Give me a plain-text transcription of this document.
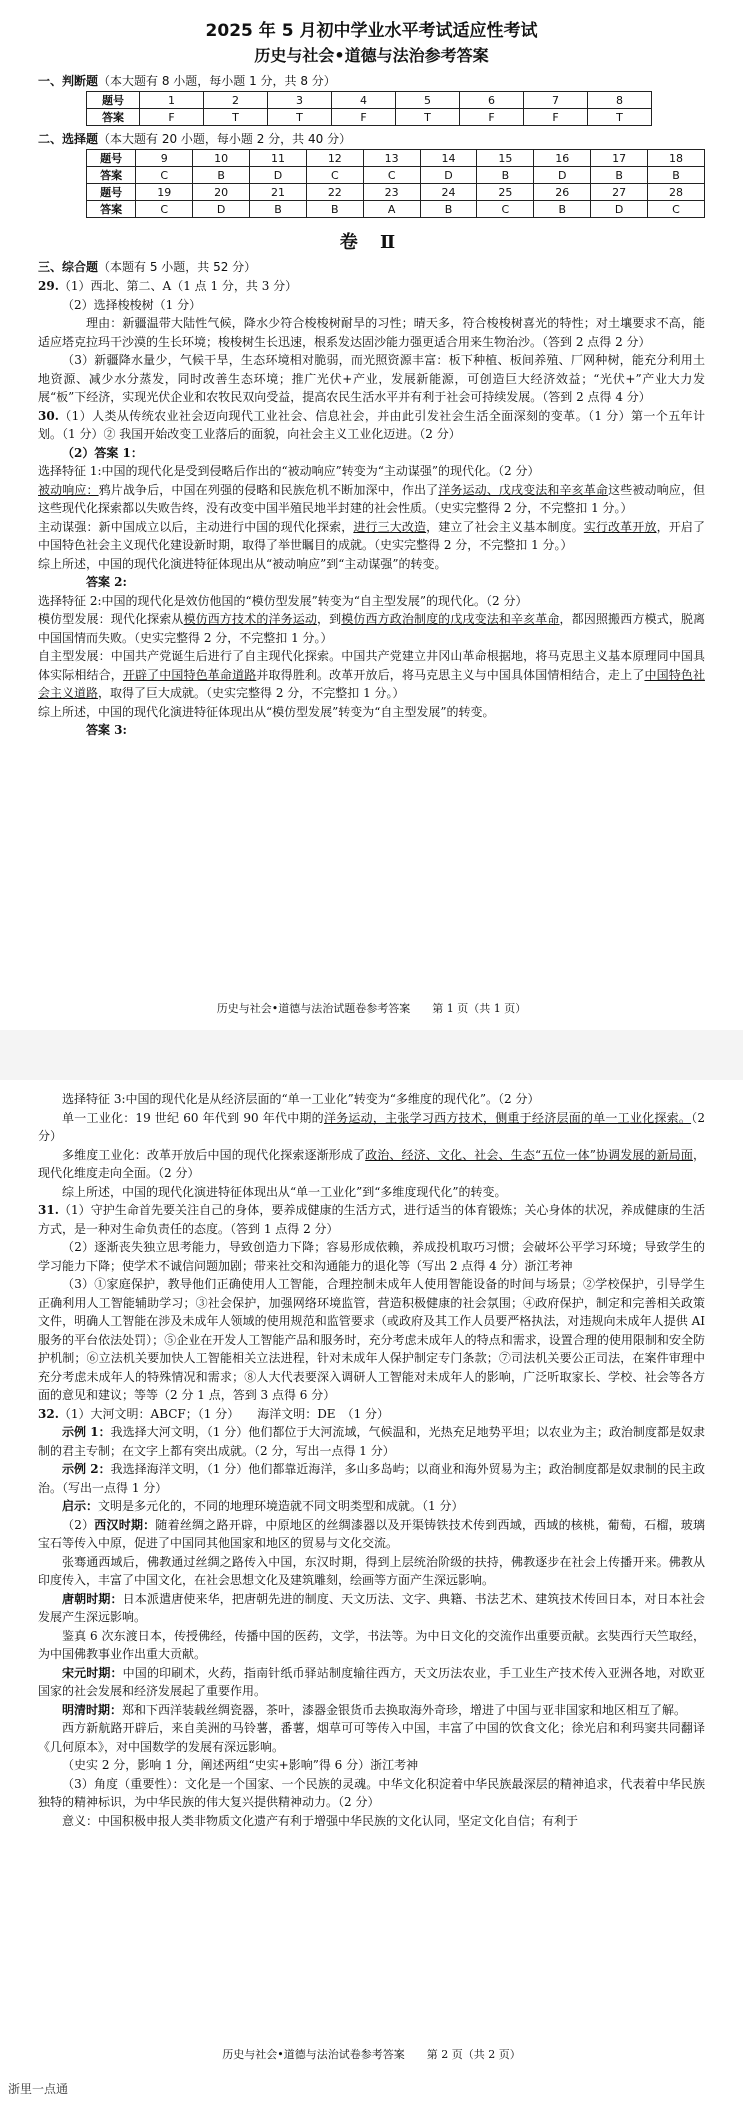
2025 年 5 月初中学业水平考试适应性考试
历史与社会•道德与法治参考答案
一、判断题（本大题有 8 小题，每小题 1 分，共 8 分）
题号	1	2	3	4	5	6	7	8
答案	F	T	T	F	T	F	F	T
二、选择题（本大题有 20 小题，每小题 2 分，共 40 分）
题号	9	10	11	12	13	14	15	16	17	18
答案	C	B	D	C	C	D	B	D	B	B
题号	19	20	21	22	23	24	25	26	27	28
答案	C	D	B	B	A	B	C	B	D	C
卷 Ⅱ
三、综合题（本题有 5 小题，共 52 分）

29.（1）西北、第二、A（1 点 1 分，共 3 分）

（2）选择梭梭树（1 分）

理由：新疆温带大陆性气候，降水少符合梭梭树耐旱的习性；晴天多，符合梭梭树喜光的特性；对土壤要求不高，能适应塔克拉玛干沙漠的生长环境；梭梭树生长迅速，根系发达固沙能力强更适合用来生物治沙。（答到 2 点得 2 分）

（3）新疆降水量少，气候干旱，生态环境相对脆弱，而光照资源丰富：板下种植、板间养殖、厂网种树，能充分利用土地资源、减少水分蒸发，同时改善生态环境；推广光伏+产业，发展新能源，可创造巨大经济效益；“光伏+”产业大力发展“板”下经济，实现光伏企业和农牧民双向受益，提高农民生活水平并有利于社会可持续发展。（答到 2 点得 4 分）

30.（1）人类从传统农业社会迈向现代工业社会、信息社会，并由此引发社会生活全面深刻的变革。（1 分）第一个五年计划。（1 分）② 我国开始改变工业落后的面貌，向社会主义工业化迈进。（2 分）

（2）答案 1：

选择特征 1:中国的现代化是受到侵略后作出的“被动响应”转变为“主动谋强”的现代化。（2 分）

被动响应：鸦片战争后，中国在列强的侵略和民族危机不断加深中，作出了洋务运动、戊戌变法和辛亥革命这些被动响应，但这些现代化探索都以失败告终，没有改变中国半殖民地半封建的社会性质。（史实完整得 2 分，不完整扣 1 分。）

主动谋强：新中国成立以后，主动进行中国的现代化探索，进行三大改造，建立了社会主义基本制度。实行改革开放，开启了中国特色社会主义现代化建设新时期，取得了举世瞩目的成就。（史实完整得 2 分，不完整扣 1 分。）

综上所述，中国的现代化演进特征体现出从“被动响应”到“主动谋强”的转变。

答案 2:

选择特征 2:中国的现代化是效仿他国的“模仿型发展”转变为“自主型发展”的现代化。（2 分）

模仿型发展：现代化探索从模仿西方技术的洋务运动，到模仿西方政治制度的戊戌变法和辛亥革命，都因照搬西方模式，脱离中国国情而失败。（史实完整得 2 分，不完整扣 1 分。）

自主型发展：中国共产党诞生后进行了自主现代化探索。中国共产党建立井冈山革命根据地，将马克思主义基本原理同中国具体实际相结合，开辟了中国特色革命道路并取得胜利。改革开放后，将马克思主义与中国具体国情相结合，走上了中国特色社会主义道路，取得了巨大成就。（史实完整得 2 分，不完整扣 1 分。）

综上所述，中国的现代化演进特征体现出从“模仿型发展”转变为“自主型发展”的转变。

答案 3:

历史与社会•道德与法治试题卷参考答案　　第 1 页（共 1 页）

选择特征 3:中国的现代化是从经济层面的“单一工业化”转变为“多维度的现代化”。（2 分）

单一工业化：19 世纪 60 年代到 90 年代中期的洋务运动，主张学习西方技术，侧重于经济层面的单一工业化探索。（2 分）

多维度工业化：改革开放后中国的现代化探索逐渐形成了政治、经济、文化、社会、生态“五位一体”协调发展的新局面，现代化维度走向全面。（2 分）

综上所述，中国的现代化演进特征体现出从“单一工业化”到“多维度现代化”的转变。

31.（1）守护生命首先要关注自己的身体，要养成健康的生活方式，进行适当的体育锻炼；关心身体的状况，养成健康的生活方式，是一种对生命负责任的态度。（答到 1 点得 2 分）

（2）逐渐丧失独立思考能力，导致创造力下降；容易形成依赖，养成投机取巧习惯；会破坏公平学习环境；导致学生的学习能力下降；使学术不诚信问题加剧；带来社交和沟通能力的退化等（写出 2 点得 4 分）浙江考神

（3）①家庭保护，教导他们正确使用人工智能，合理控制未成年人使用智能设备的时间与场景；②学校保护，引导学生正确利用人工智能辅助学习；③社会保护，加强网络环境监管，营造积极健康的社会氛围；④政府保护，制定和完善相关政策文件，明确人工智能在涉及未成年人领域的使用规范和监管要求（或政府及其工作人员要严格执法，对违规向未成年人提供 AI 服务的平台依法处罚）；⑤企业在开发人工智能产品和服务时，充分考虑未成年人的特点和需求，设置合理的使用限制和安全防护机制；⑥立法机关要加快人工智能相关立法进程，针对未成年人保护制定专门条款；⑦司法机关要公正司法，在案件审理中充分考虑未成年人的特殊情况和需求；⑧人大代表要深入调研人工智能对未成年人的影响，广泛听取家长、学校、社会等各方面的意见和建议；等等（2 分 1 点，答到 3 点得 6 分）

32.（1）大河文明：ABCF；（1 分）　　海洋文明：DE　（1 分）

示例 1：我选择大河文明，（1 分）他们都位于大河流域，气候温和，光热充足地势平坦；以农业为主；政治制度都是奴隶制的君主专制；在文字上都有突出成就。（2 分，写出一点得 1 分）

示例 2：我选择海洋文明，（1 分）他们都靠近海洋，多山多岛屿；以商业和海外贸易为主；政治制度都是奴隶制的民主政治。（写出一点得 1 分）

启示：文明是多元化的，不同的地理环境造就不同文明类型和成就。（1 分）

（2）西汉时期：随着丝绸之路开辟，中原地区的丝绸漆器以及开渠铸铁技术传到西域，西域的核桃，葡萄，石榴，玻璃宝石等传入中原，促进了中国同其他国家和地区的贸易与文化交流。

张骞通西域后，佛教通过丝绸之路传入中国，东汉时期，得到上层统治阶级的扶持，佛教逐步在社会上传播开来。佛教从印度传入，丰富了中国文化，在社会思想文化及建筑雕刻，绘画等方面产生深远影响。

唐朝时期：日本派遣唐使来华，把唐朝先进的制度、天文历法、文字、典籍、书法艺术、建筑技术传回日本，对日本社会发展产生深远影响。

鉴真 6 次东渡日本，传授佛经，传播中国的医药，文学，书法等。为中日文化的交流作出重要贡献。玄奘西行天竺取经，为中国佛教事业作出重大贡献。

宋元时期：中国的印刷术，火药，指南针纸币驿站制度输往西方，天文历法农业，手工业生产技术传入亚洲各地，对欧亚国家的社会发展和经济发展起了重要作用。

明清时期：郑和下西洋装载丝绸瓷器，茶叶，漆器金银货币去换取海外奇珍，增进了中国与亚非国家和地区相互了解。

西方新航路开辟后，来自美洲的马铃薯，番薯，烟草可可等传入中国，丰富了中国的饮食文化；徐光启和利玛窦共同翻译《几何原本》，对中国数学的发展有深远影响。

（史实 2 分，影响 1 分，阐述两组“史实+影响”得 6 分）浙江考神

（3）角度（重要性）：文化是一个国家、一个民族的灵魂。中华文化积淀着中华民族最深层的精神追求，代表着中华民族独特的精神标识，为中华民族的伟大复兴提供精神动力。（2 分）

意义：中国积极申报人类非物质文化遗产有利于增强中华民族的文化认同，坚定文化自信；有利于

历史与社会•道德与法治试卷参考答案　　第 2 页（共 2 页）
浙里一点通
